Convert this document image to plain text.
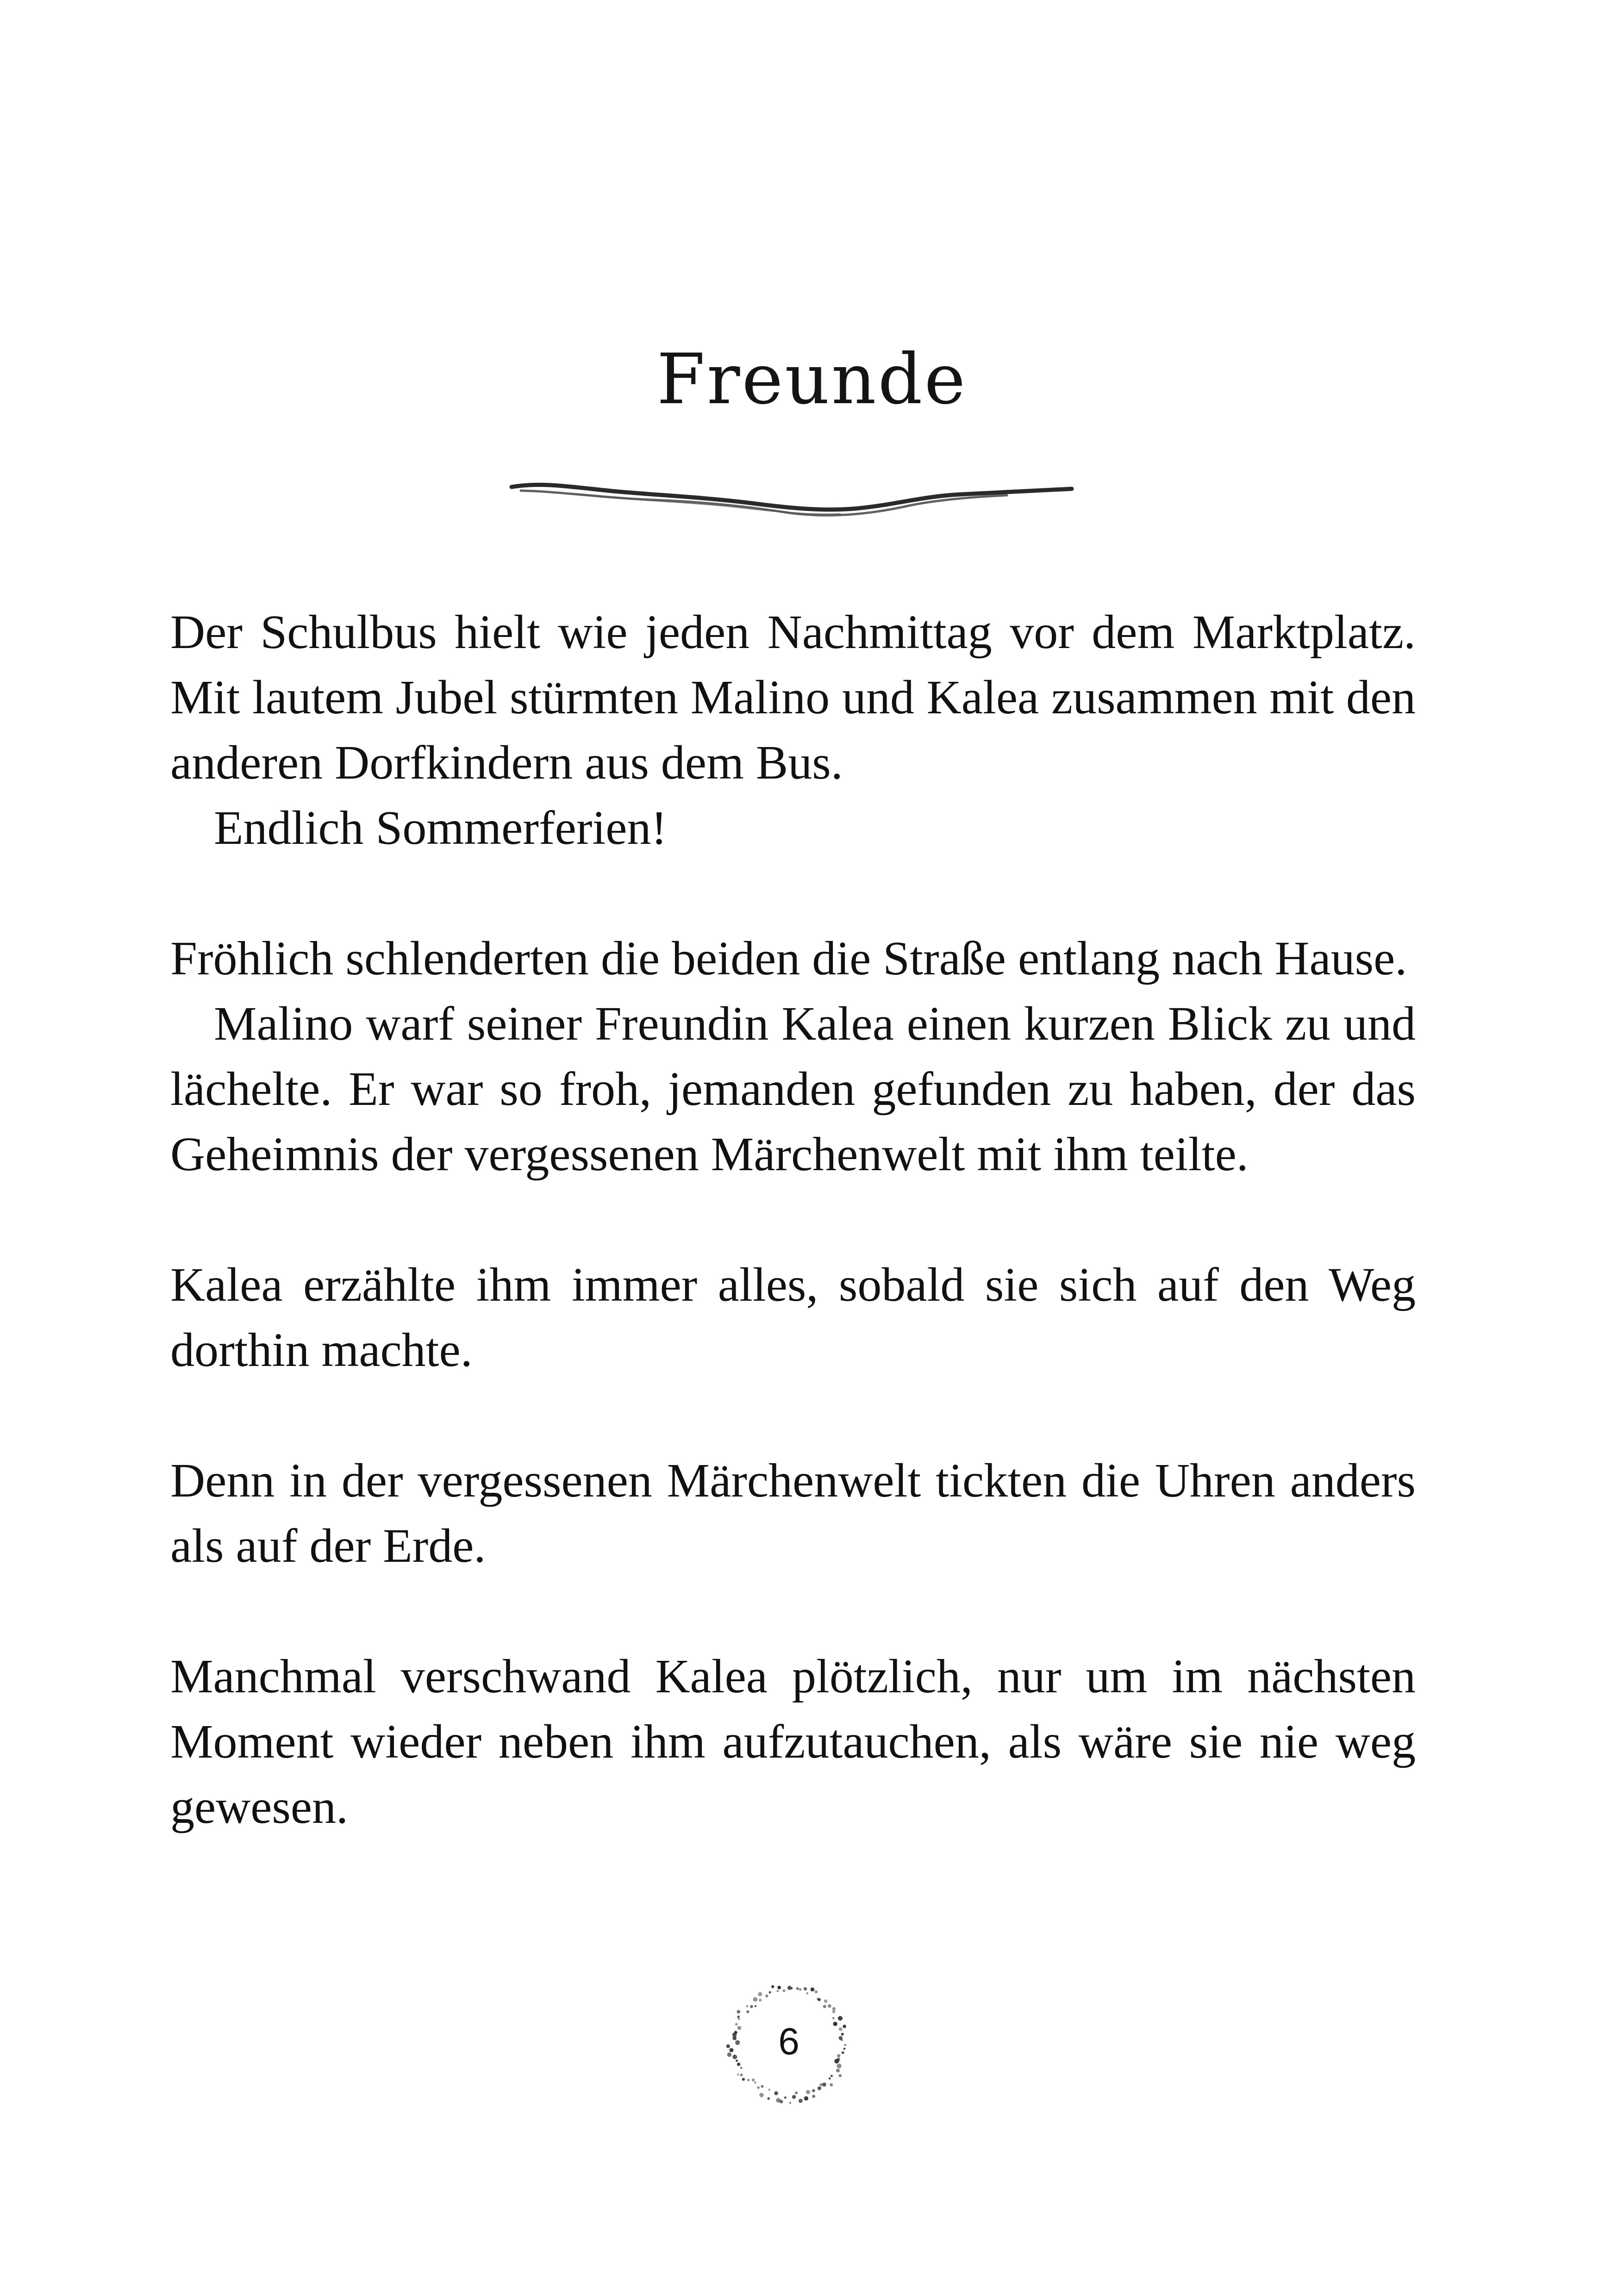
Freunde

Der Schulbus hielt wie jeden Nachmittag vor dem Marktplatz. Mit lautem Jubel stürmten Malino und Kalea zusammen mit den anderen Dorfkindern aus dem Bus.

Endlich Sommerferien!

Fröhlich schlenderten die beiden die Straße entlang nach Hause.

Malino warf seiner Freundin Kalea einen kurzen Blick zu und lächelte. Er war so froh, jemanden gefunden zu haben, der das Geheimnis der vergessenen Märchenwelt mit ihm teilte.

Kalea erzählte ihm immer alles, sobald sie sich auf den Weg dorthin machte.

Denn in der vergessenen Märchenwelt tickten die Uhren anders als auf der Erde.

Manchmal verschwand Kalea plötzlich, nur um im nächsten Moment wieder neben ihm aufzutauchen, als wäre sie nie weg gewesen.

6
